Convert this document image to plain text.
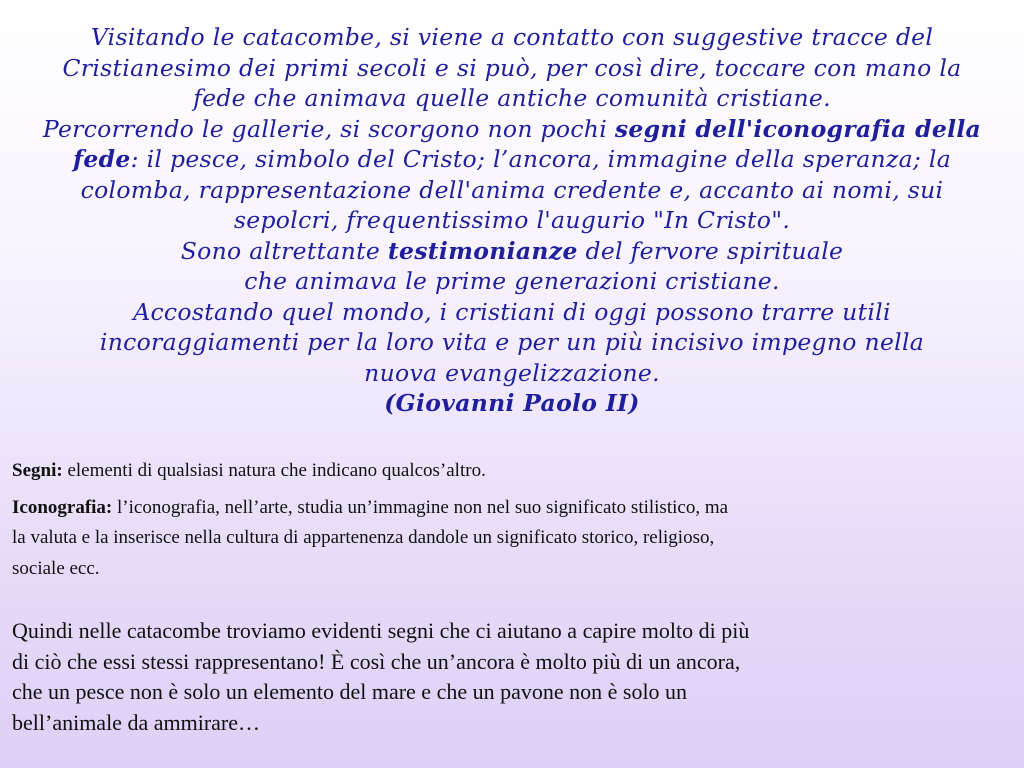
Visitando le catacombe, si viene a contatto con suggestive tracce del
Cristianesimo dei primi secoli e si può, per così dire, toccare con mano la
fede che animava quelle antiche comunità cristiane.
Percorrendo le gallerie, si scorgono non pochi segni dell'iconografia della
fede: il pesce, simbolo del Cristo; l’ancora, immagine della speranza; la
colomba, rappresentazione dell'anima credente e, accanto ai nomi, sui
sepolcri, frequentissimo l'augurio "In Cristo".
Sono altrettante testimonianze del fervore spirituale
che animava le prime generazioni cristiane.
Accostando quel mondo, i cristiani di oggi possono trarre utili
incoraggiamenti per la loro vita e per un più incisivo impegno nella
nuova evangelizzazione.
(Giovanni Paolo II)
Segni: elementi di qualsiasi natura che indicano qualcos’altro.
Iconografia: l’iconografia, nell’arte, studia un’immagine non nel suo significato stilistico, ma
la valuta e la inserisce nella cultura di appartenenza dandole un significato storico, religioso,
sociale ecc.
Quindi nelle catacombe troviamo evidenti segni che ci aiutano a capire molto di più
di ciò che essi stessi rappresentano! È così che un’ancora è molto più di un ancora,
che un pesce non è solo un elemento del mare e che un pavone non è solo un
bell’animale da ammirare…
